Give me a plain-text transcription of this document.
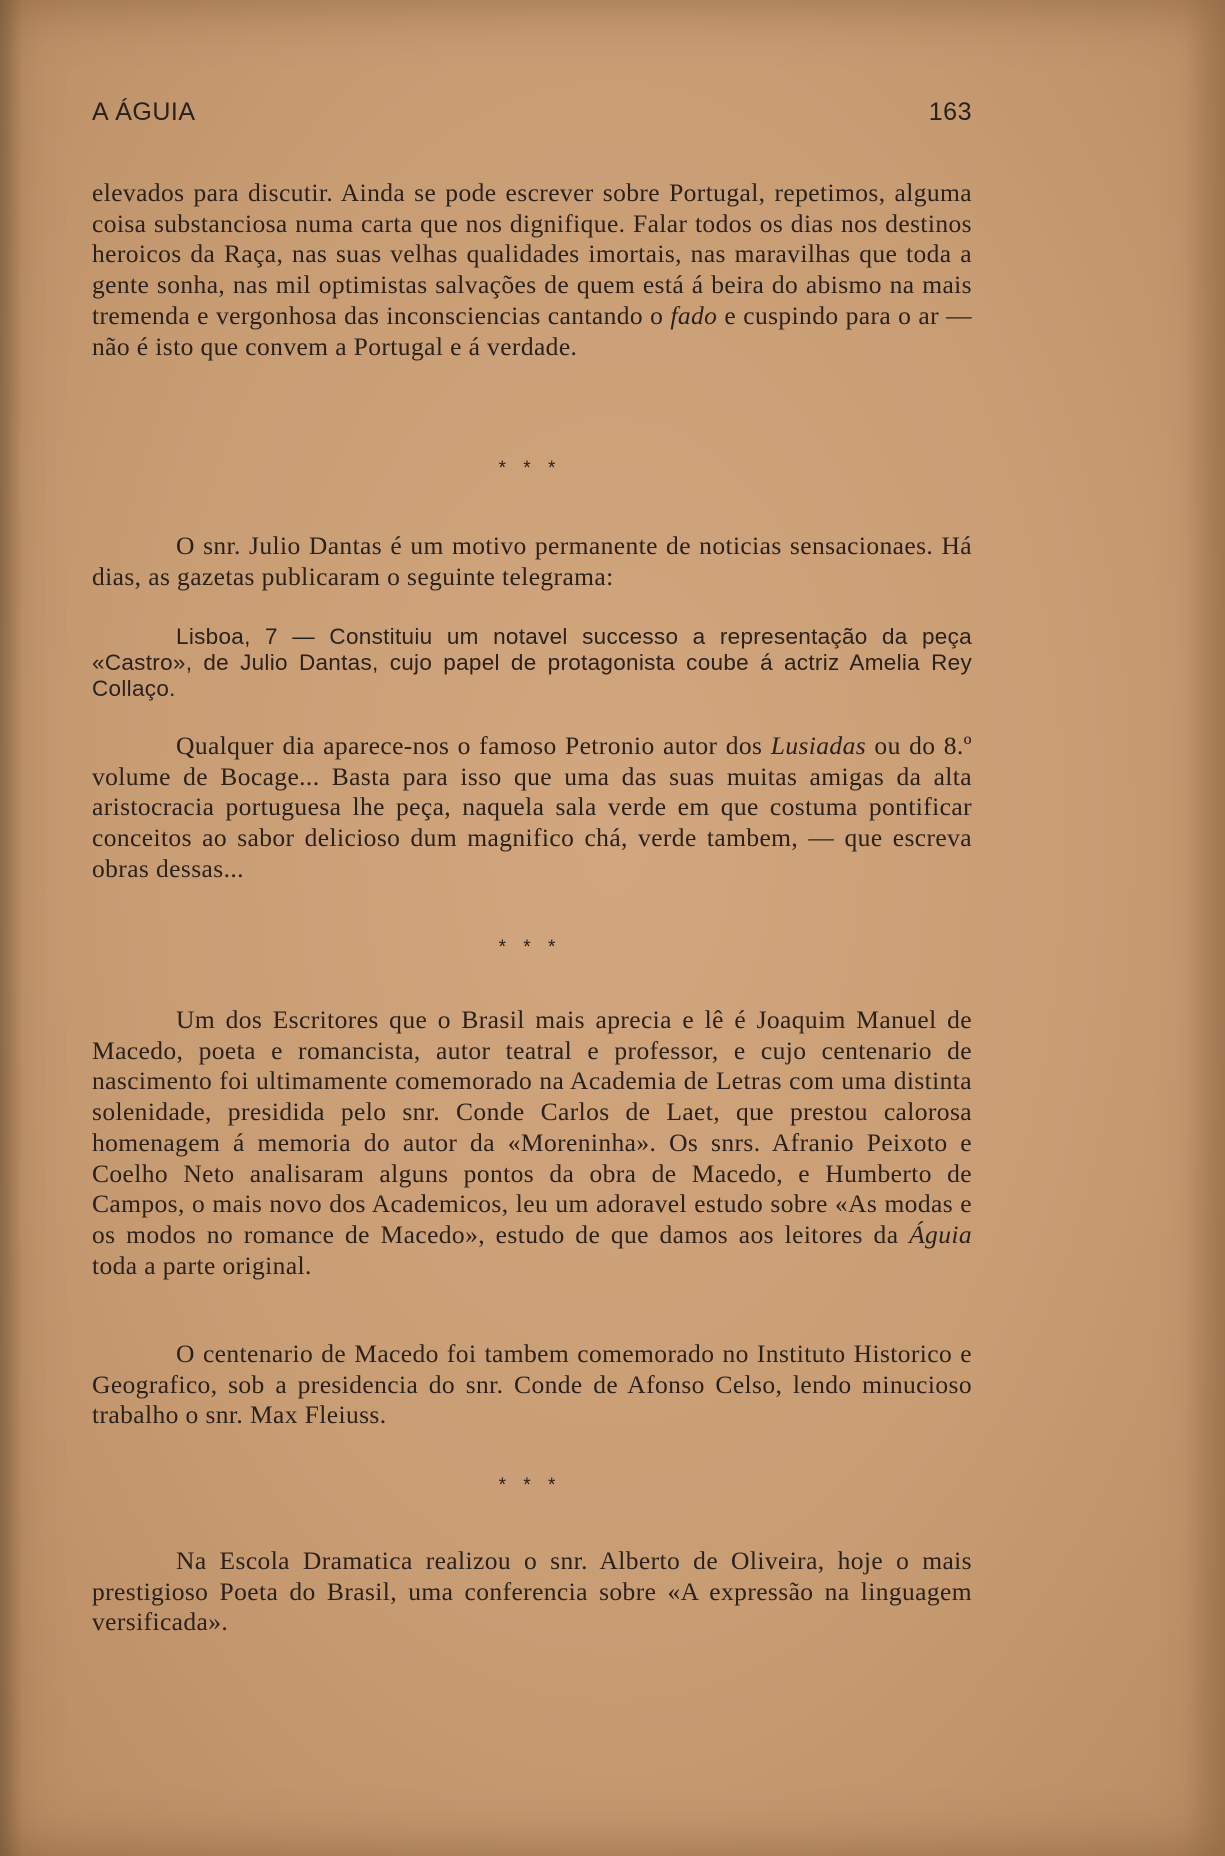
A ÁGUIA	163

elevados para discutir. Ainda se pode escrever sobre Portugal, repetimos, alguma coisa substanciosa numa carta que nos dignifique. Falar todos os dias nos destinos heroicos da Raça, nas suas velhas qualidades imortais, nas maravilhas que toda a gente sonha, nas mil optimistas salvações de quem está á beira do abismo na mais tremenda e vergonhosa das inconsciencias cantando o fado e cuspindo para o ar — não é isto que convem a Portugal e á verdade.

* * *

O snr. Julio Dantas é um motivo permanente de noticias sensacionaes. Há dias, as gazetas publicaram o seguinte telegrama:

Lisboa, 7 — Constituiu um notavel successo a representação da peça «Castro», de Julio Dantas, cujo papel de protagonista coube á actriz Amelia Rey Collaço.

Qualquer dia aparece-nos o famoso Petronio autor dos Lusiadas ou do 8.º volume de Bocage... Basta para isso que uma das suas muitas amigas da alta aristocracia portuguesa lhe peça, naquela sala verde em que costuma pontificar conceitos ao sabor delicioso dum magnifico chá, verde tambem, — que escreva obras dessas...

* * *

Um dos Escritores que o Brasil mais aprecia e lê é Joaquim Manuel de Macedo, poeta e romancista, autor teatral e professor, e cujo centenario de nascimento foi ultimamente comemorado na Academia de Letras com uma distinta solenidade, presidida pelo snr. Conde Carlos de Laet, que prestou calorosa homenagem á memoria do autor da «Moreninha». Os snrs. Afranio Peixoto e Coelho Neto analisaram alguns pontos da obra de Macedo, e Humberto de Campos, o mais novo dos Academicos, leu um adoravel estudo sobre «As modas e os modos no romance de Macedo», estudo de que damos aos leitores da Águia toda a parte original.

O centenario de Macedo foi tambem comemorado no Instituto Historico e Geografico, sob a presidencia do snr. Conde de Afonso Celso, lendo minucioso trabalho o snr. Max Fleiuss.

* * *

Na Escola Dramatica realizou o snr. Alberto de Oliveira, hoje o mais prestigioso Poeta do Brasil, uma conferencia sobre «A expressão na linguagem versificada».
